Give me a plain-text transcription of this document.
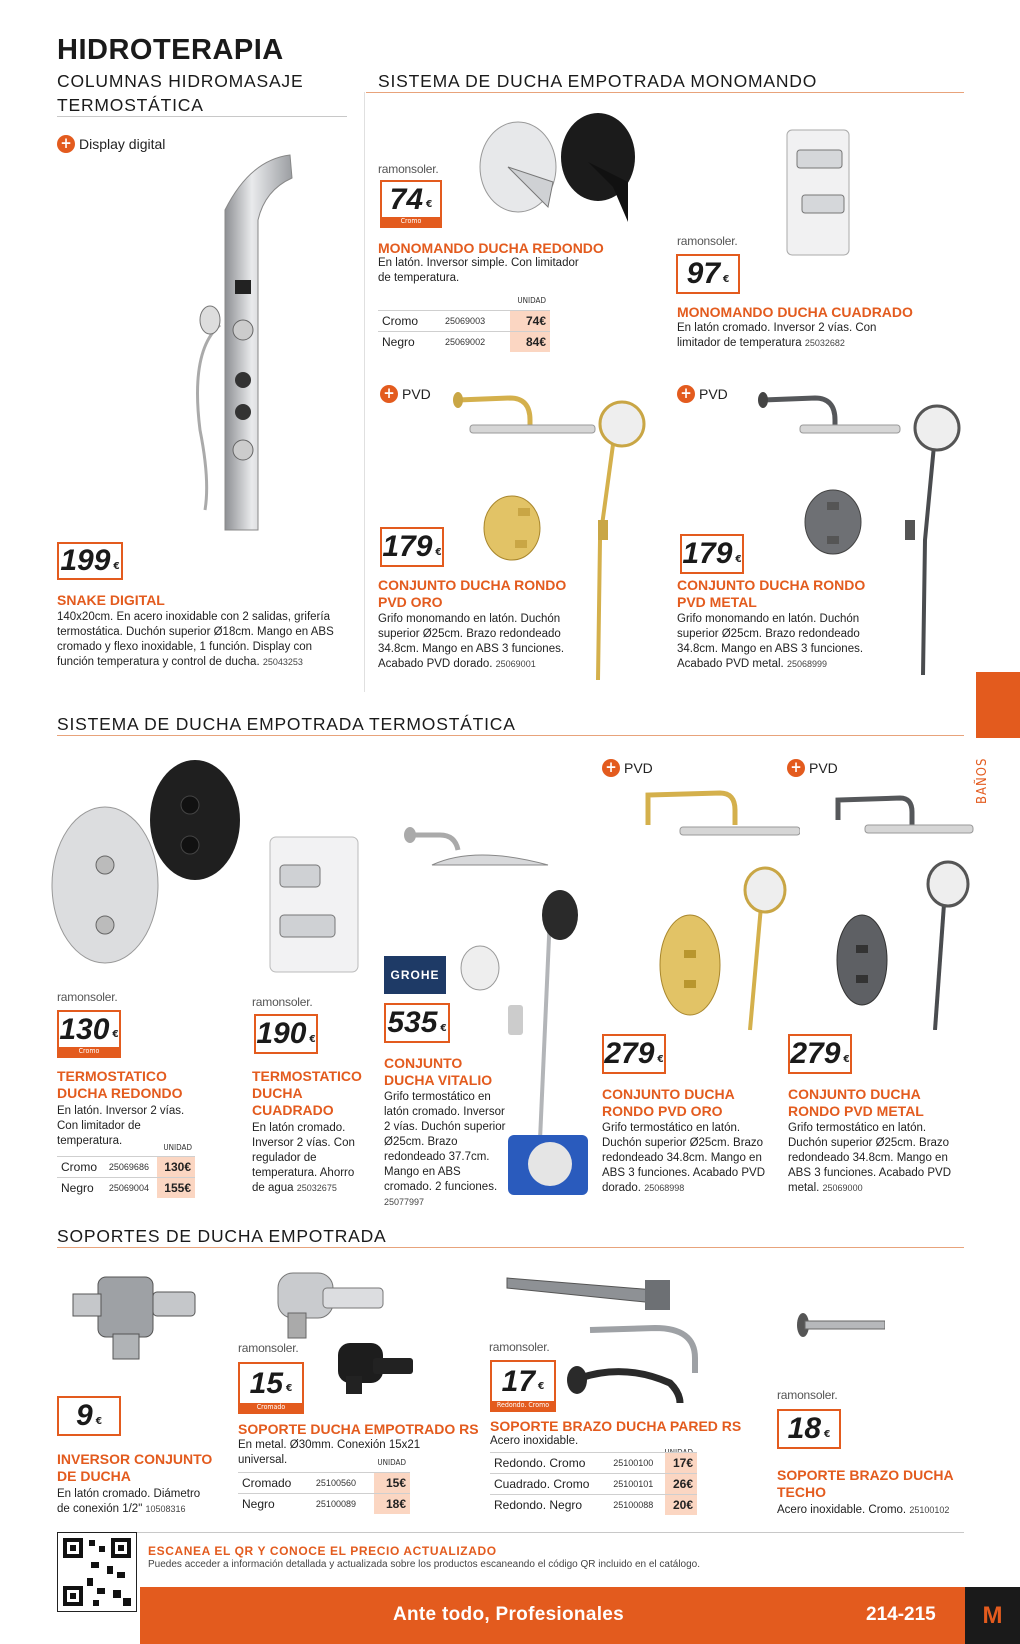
HIDROTERAPIA
COLUMNAS HIDROMASAJE
TERMOSTÁTICA
+ Display digital
SISTEMA DE DUCHA EMPOTRADA MONOMANDO
BAÑOS
199 €
SNAKE DIGITAL
140x20cm. En acero inoxidable con 2 salidas, grifería termostática. Duchón superior Ø18cm. Mango en ABS cromado y flexo inoxidable, 1 función. Display con función temperatura y control de ducha. 25043253
ramonsoler.
74 €
Cromo
MONOMANDO DUCHA REDONDO
En latón. Inversor simple. Con limitador de temperatura.
UNIDAD
Cromo	25069003	74€
Negro	25069002	84€
ramonsoler.
97 €
MONOMANDO DUCHA CUADRADO
En latón cromado. Inversor 2 vías. Con limitador de temperatura 25032682
+ PVD	+ PVD
179 €
CONJUNTO DUCHA RONDO
PVD ORO
Grifo monomando en latón. Duchón superior Ø25cm. Brazo redondeado 34.8cm. Mango en ABS 3 funciones. Acabado PVD dorado. 25069001
179 €
CONJUNTO DUCHA RONDO
PVD METAL
Grifo monomando en latón. Duchón superior Ø25cm. Brazo redondeado 34.8cm. Mango en ABS 3 funciones. Acabado PVD metal. 25068999
SISTEMA DE DUCHA EMPOTRADA TERMOSTÁTICA
+ PVD	+ PVD
ramonsoler.
130 €
Cromo
TERMOSTATICO
DUCHA REDONDO
En latón. Inversor 2 vías. Con limitador de temperatura.
UNIDAD
Cromo	25069686	130€
Negro	25069004	155€
ramonsoler.
190 €
TERMOSTATICO
DUCHA
CUADRADO
En latón cromado. Inversor 2 vías. Con regulador de temperatura. Ahorro de agua 25032675
GROHE
535 €
CONJUNTO
DUCHA VITALIO
Grifo termostático en latón cromado. Inversor 2 vías. Duchón superior Ø25cm. Brazo redondeado 37.7cm. Mango en ABS cromado. 2 funciones. 25077997
279 €
CONJUNTO DUCHA
RONDO PVD ORO
Grifo termostático en latón. Duchón superior Ø25cm. Brazo redondeado 34.8cm. Mango en ABS 3 funciones. Acabado PVD dorado. 25068998
279 €
CONJUNTO DUCHA
RONDO PVD METAL
Grifo termostático en latón. Duchón superior Ø25cm. Brazo redondeado 34.8cm. Mango en ABS 3 funciones. Acabado PVD metal. 25069000
SOPORTES DE DUCHA EMPOTRADA
9 €
INVERSOR CONJUNTO
DE DUCHA
En latón cromado. Diámetro de conexión 1/2" 10508316
ramonsoler.
15 €
Cromado
SOPORTE DUCHA EMPOTRADO RS
En metal. Ø30mm. Conexión 15x21 universal.	UNIDAD
Cromado	25100560	15€
Negro	25100089	18€
ramonsoler.
17 €
Redondo. Cromo
SOPORTE BRAZO DUCHA PARED RS
Acero inoxidable.
Redondo. Cromo	25100100	17€
Cuadrado. Cromo	25100101	26€
Redondo. Negro	25100088	20€
ramonsoler.
18 €
SOPORTE BRAZO DUCHA
TECHO
Acero inoxidable. Cromo. 25100102
ESCANEA EL QR Y CONOCE EL PRECIO ACTUALIZADO
Puedes acceder a información detallada y actualizada sobre los productos escaneando el código QR incluido en el catálogo.
Ante todo, Profesionales	214-215	M
